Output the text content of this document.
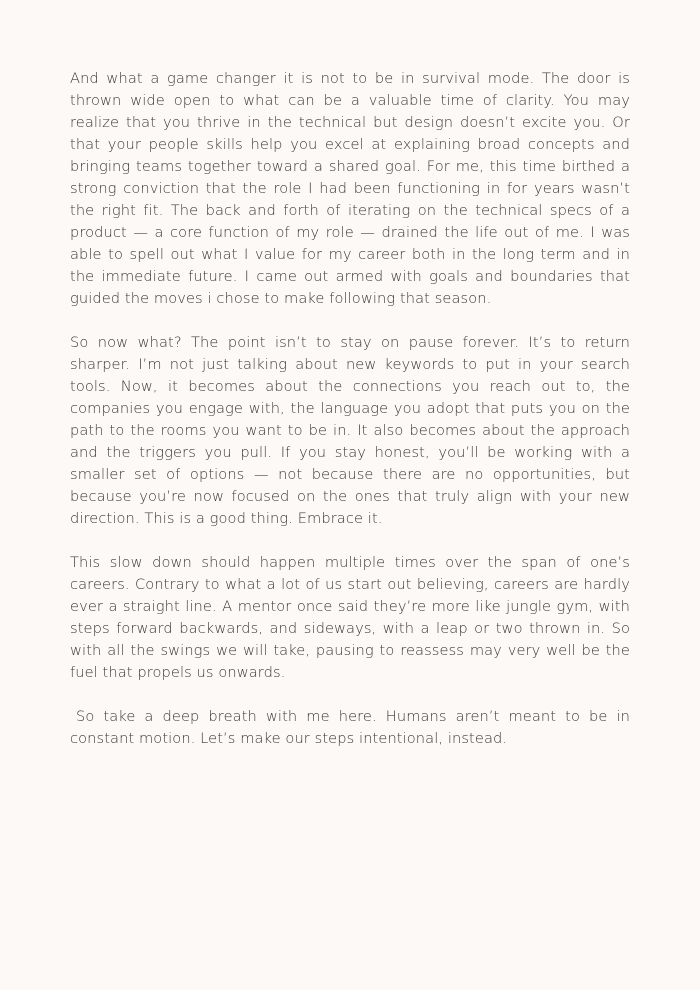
And what a game changer it is not to be in survival mode. The door is thrown wide open to what can be a valuable time of clarity. You may realize that you thrive in the technical but design doesn’t excite you. Or that your people skills help you excel at explaining broad concepts and bringing teams together toward a shared goal. For me, this time birthed a strong conviction that the role I had been functioning in for years wasn’t the right fit. The back and forth of iterating on the technical specs of a product — a core function of my role — drained the life out of me. I was able to spell out what I value for my career both in the long term and in the immediate future. I came out armed with goals and boundaries that guided the moves i chose to make following that season.

So now what? The point isn’t to stay on pause forever. It’s to return sharper. I’m not just talking about new keywords to put in your search tools. Now, it becomes about the connections you reach out to, the companies you engage with, the language you adopt that puts you on the path to the rooms you want to be in. It also becomes about the approach and the triggers you pull. If you stay honest, you’ll be working with a smaller set of options — not because there are no opportunities, but because you’re now focused on the ones that truly align with your new direction. This is a good thing. Embrace it.

This slow down should happen multiple times over the span of one’s careers. Contrary to what a lot of us start out believing, careers are hardly ever a straight line. A mentor once said they’re more like jungle gym, with steps forward backwards, and sideways, with a leap or two thrown in. So with all the swings we will take, pausing to reassess may very well be the fuel that propels us onwards.

So take a deep breath with me here. Humans aren’t meant to be in constant motion. Let’s make our steps intentional, instead.
